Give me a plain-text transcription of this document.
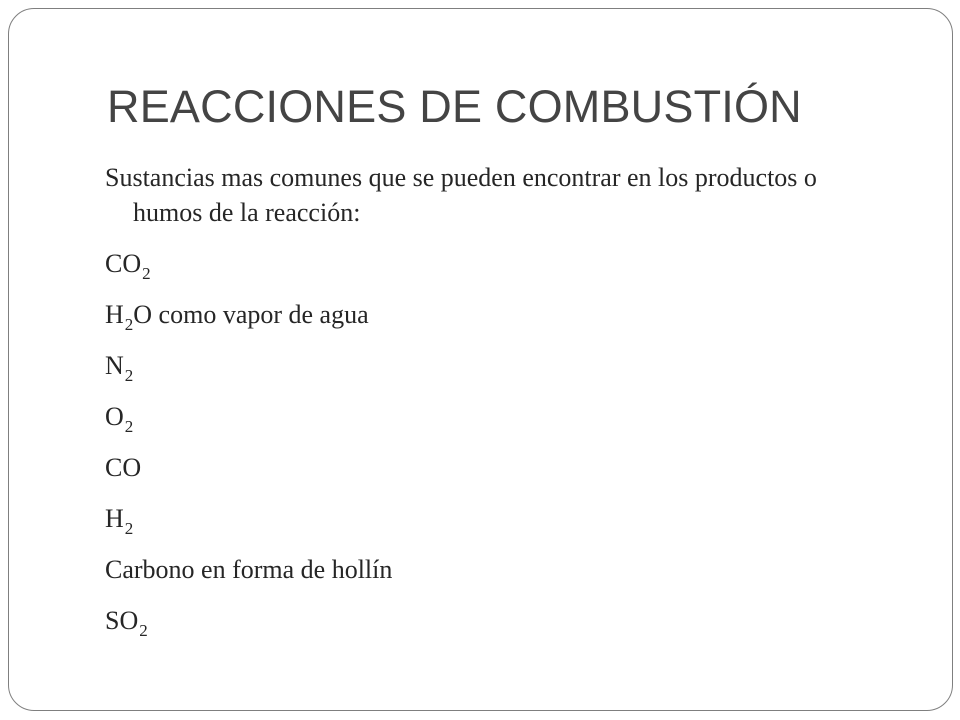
REACCIONES DE COMBUSTIÓN

Sustancias mas comunes que se pueden encontrar en los productos o humos de la reacción:

$CO_2$

$H_2O$ como vapor de agua

$N_2$

$O_2$

CO

$H_2$

Carbono en forma de hollín

$SO_2$
